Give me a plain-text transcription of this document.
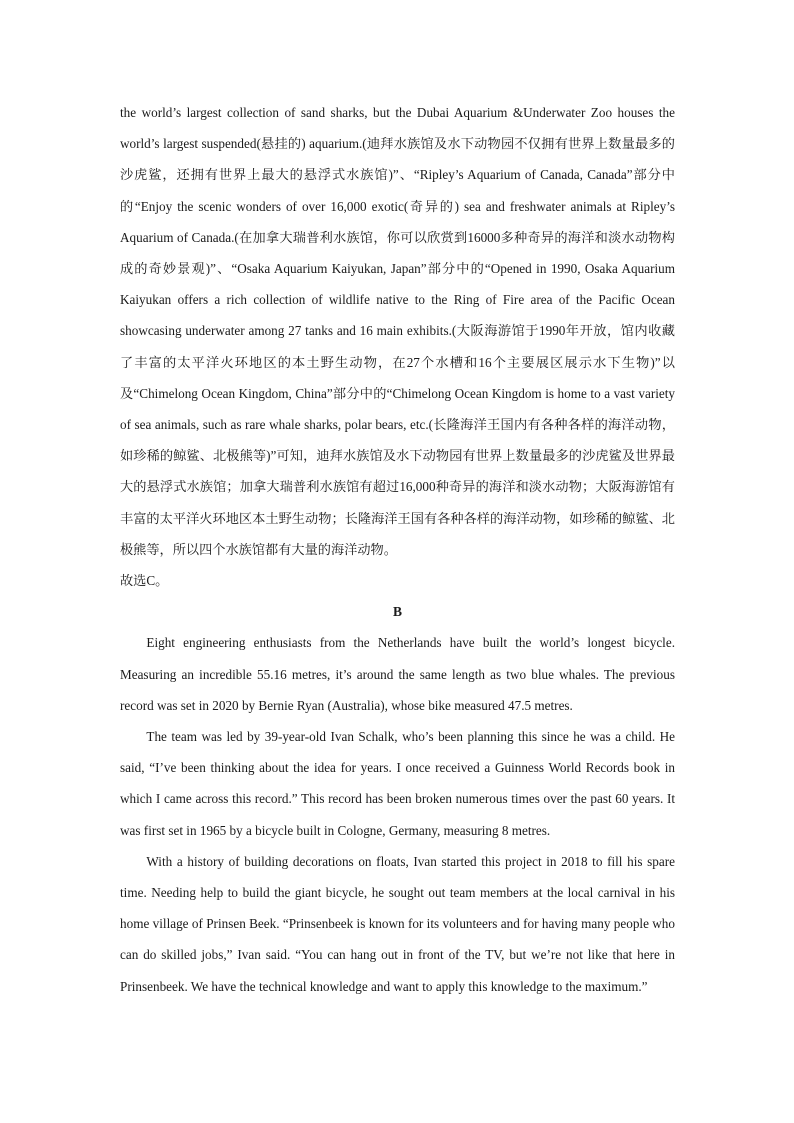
the world’s largest collection of sand sharks, but the Dubai Aquarium &Underwater Zoo houses the world’s largest suspended(悬挂的) aquarium.(迪拜水族馆及水下动物园不仅拥有世界上数量最多的沙虎鲨，还拥有世界上最大的悬浮式水族馆)”、“Ripley’s Aquarium of Canada, Canada”部分中的“Enjoy the scenic wonders of over 16,000 exotic(奇异的) sea and freshwater animals at Ripley’s Aquarium of Canada.(在加拿大瑞普利水族馆，你可以欣赏到16000多种奇异的海洋和淡水动物构成的奇妙景观)”、“Osaka Aquarium Kaiyukan, Japan”部分中的“Opened in 1990, Osaka Aquarium Kaiyukan offers a rich collection of wildlife native to the Ring of Fire area of the Pacific Ocean showcasing underwater among 27 tanks and 16 main exhibits.(大阪海游馆于1990年开放，馆内收藏了丰富的太平洋火环地区的本土野生动物，在27个水槽和16个主要展区展示水下生物)”以及“Chimelong Ocean Kingdom, China”部分中的“Chimelong Ocean Kingdom is home to a vast variety of sea animals, such as rare whale sharks, polar bears, etc.(长隆海洋王国内有各种各样的海洋动物，如珍稀的鲸鲨、北极熊等)”可知，迪拜水族馆及水下动物园有世界上数量最多的沙虎鲨及世界最大的悬浮式水族馆；加拿大瑞普利水族馆有超过16,000种奇异的海洋和淡水动物；大阪海游馆有丰富的太平洋火环地区本土野生动物；长隆海洋王国有各种各样的海洋动物，如珍稀的鲸鲨、北极熊等，所以四个水族馆都有大量的海洋动物。

故选C。

B

Eight engineering enthusiasts from the Netherlands have built the world’s longest bicycle. Measuring an incredible 55.16 metres, it’s around the same length as two blue whales. The previous record was set in 2020 by Bernie Ryan (Australia), whose bike measured 47.5 metres.

The team was led by 39-year-old Ivan Schalk, who’s been planning this since he was a child. He said, “I’ve been thinking about the idea for years. I once received a Guinness World Records book in which I came across this record.” This record has been broken numerous times over the past 60 years. It was first set in 1965 by a bicycle built in Cologne, Germany, measuring 8 metres.

With a history of building decorations on floats, Ivan started this project in 2018 to fill his spare time. Needing help to build the giant bicycle, he sought out team members at the local carnival in his home village of Prinsen Beek. “Prinsenbeek is known for its volunteers and for having many people who can do skilled jobs,” Ivan said. “You can hang out in front of the TV, but we’re not like that here in Prinsenbeek. We have the technical knowledge and want to apply this knowledge to the maximum.”
